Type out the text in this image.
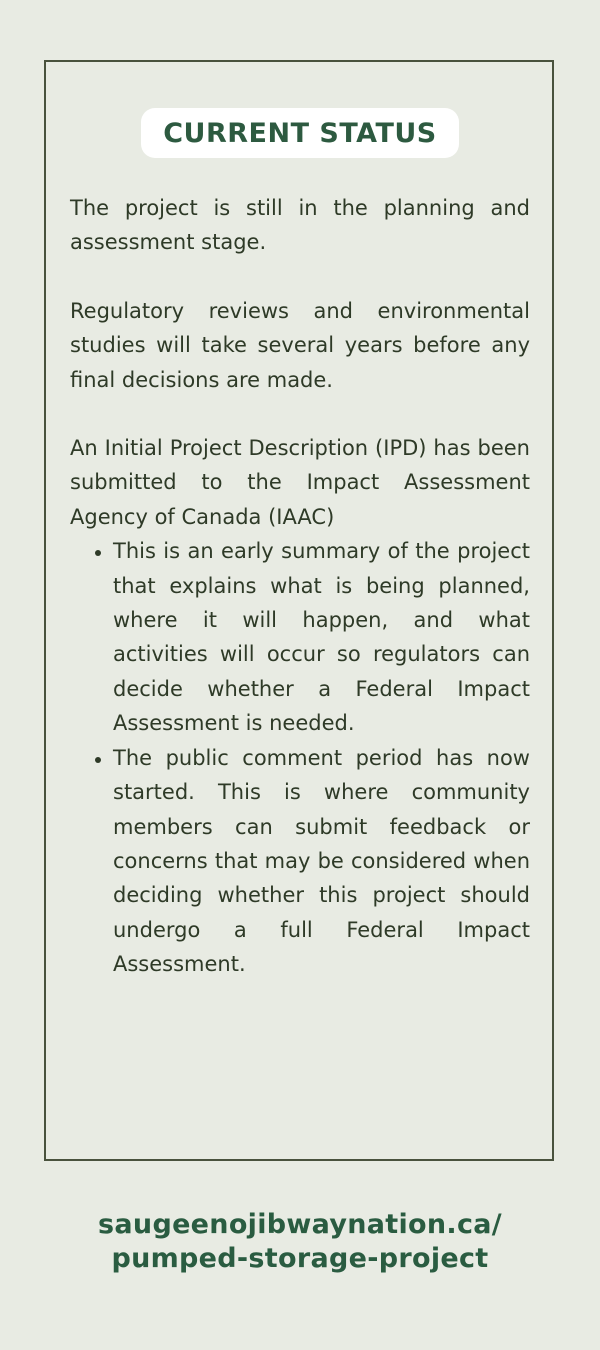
CURRENT STATUS

The project is still in the planning and assessment stage.

Regulatory reviews and environmental studies will take several years before any final decisions are made.

An Initial Project Description (IPD) has been submitted to the Impact Assessment Agency of Canada (IAAC)

• This is an early summary of the project that explains what is being planned, where it will happen, and what activities will occur so regulators can decide whether a Federal Impact Assessment is needed.
• The public comment period has now started. This is where community members can submit feedback or concerns that may be considered when deciding whether this project should undergo a full Federal Impact Assessment.
saugeenojibwaynation.ca/
pumped-storage-project
